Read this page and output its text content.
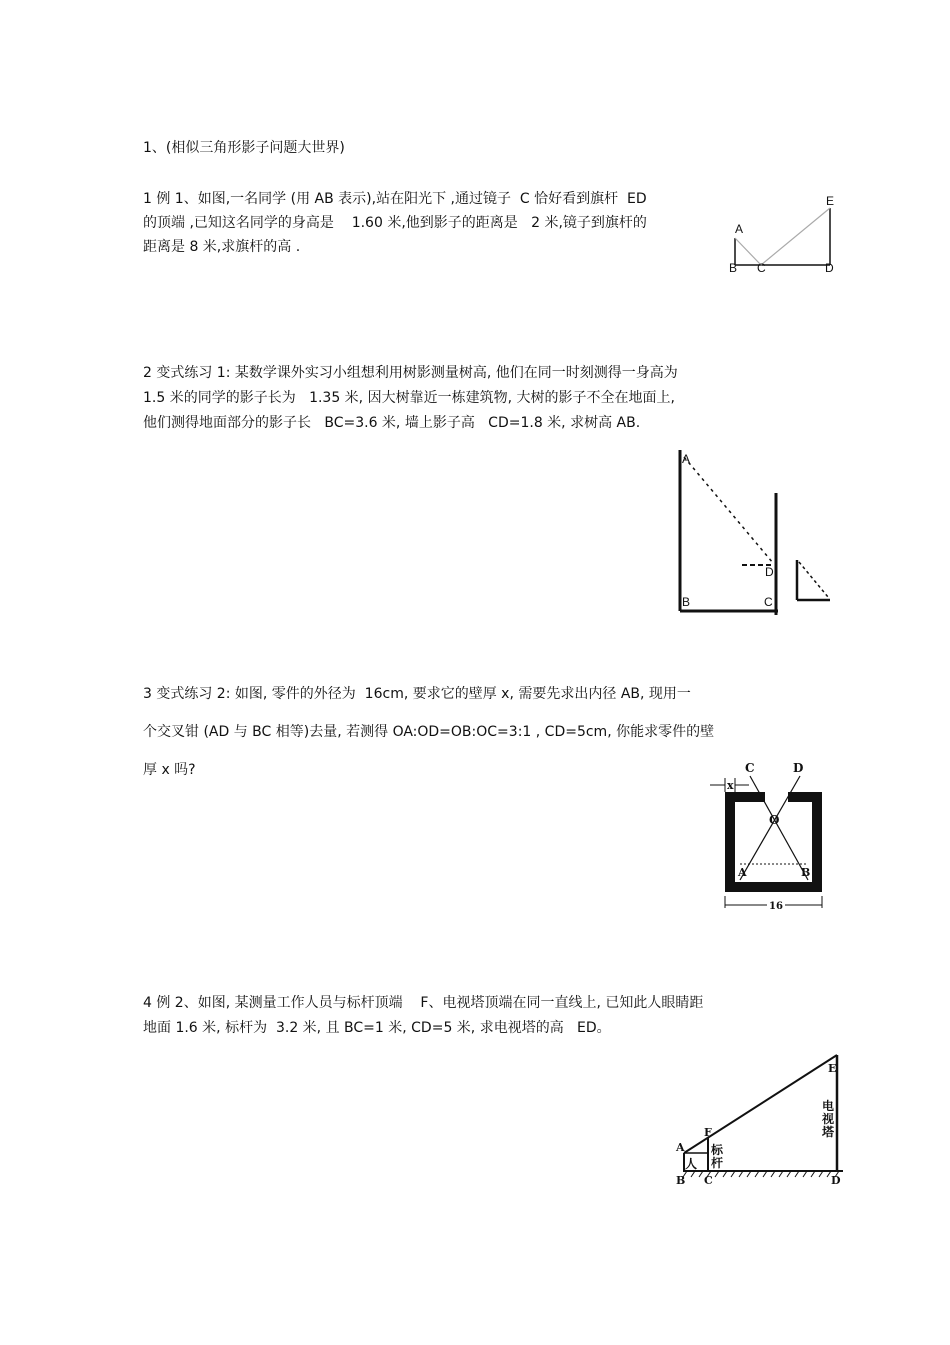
1、(相似三角形影子问题大世界)
1 例 1、如图,一名同学 (用 AB 表示),站在阳光下 ,通过镜子  C 恰好看到旗杆  ED
的顶端 ,已知这名同学的身高是    1.60 米,他到影子的距离是   2 米,镜子到旗杆的
距离是 8 米,求旗杆的高 .
E
A
B C	D
2 变式练习 1: 某数学课外实习小组想利用树影测量树高, 他们在同一时刻测得一身高为
1.5 米的同学的影子长为   1.35 米, 因大树靠近一栋建筑物, 大树的影子不全在地面上,
他们测得地面部分的影子长   BC=3.6 米, 墙上影子高   CD=1.8 米, 求树高 AB.
A
B	C
D
3 变式练习 2: 如图, 零件的外径为  16cm, 要求它的壁厚 x, 需要先求出内径 AB, 现用一
个交叉钳 (AD 与 BC 相等)去量, 若测得 OA:OD=OB:OC=3:1 , CD=5cm, 你能求零件的壁
厚 x 吗?	C	D
x
O
A	B
16
4 例 2、如图, 某测量工作人员与标杆顶端    F、电视塔顶端在同一直线上, 已知此人眼睛距
地面 1.6 米, 标杆为  3.2 米, 且 BC=1 米, CD=5 米, 求电视塔的高   ED。
A
B C	D
E
F
人
标
杆
电
视
塔
